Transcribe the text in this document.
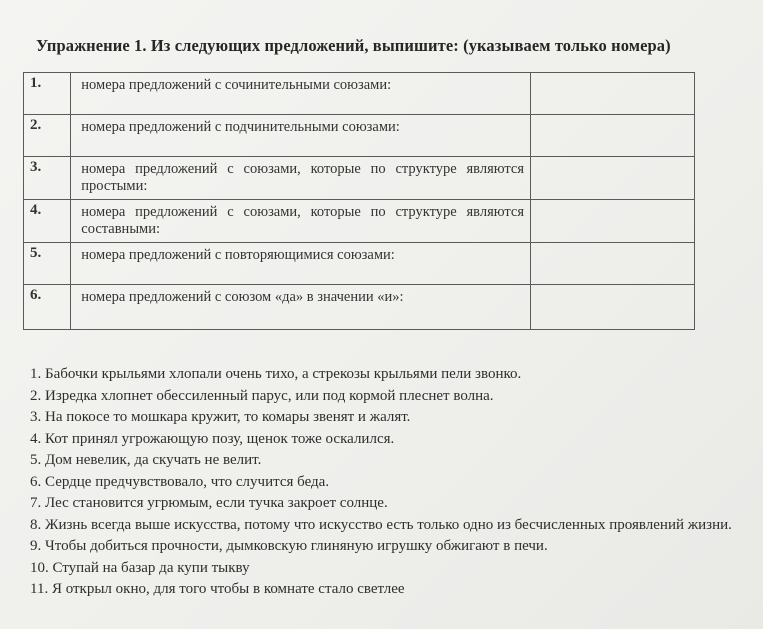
Упражнение 1. Из следующих предложений, выпишите: (указываем только номера)
1.	номера предложений с сочинительными союзами:	
2.	номера предложений с подчинительными союзами:	
3.	номера предложений с союзами, которые по структуре являются простыми:	
4.	номера предложений с союзами, которые по структуре являются составными:	
5.	номера предложений с повторяющимися союзами:	
6.	номера предложений с союзом «да» в значении «и»:	
1. Бабочки крыльями хлопали очень тихо, а стрекозы крыльями пели звонко.
2. Изредка хлопнет обессиленный парус, или под кормой плеснет волна.
3. На покосе то мошкара кружит, то комары звенят и жалят.
4. Кот принял угрожающую позу, щенок тоже оскалился.
5. Дом невелик, да скучать не велит.
6. Сердце предчувствовало, что случится беда.
7. Лес становится угрюмым, если тучка закроет солнце.
8. Жизнь всегда выше искусства, потому что искусство есть только одно из бесчисленных проявлений жизни.
9. Чтобы добиться прочности, дымковскую глиняную игрушку обжигают в печи.
10. Ступай на базар да купи тыкву
11. Я открыл окно, для того чтобы в комнате стало светлее
